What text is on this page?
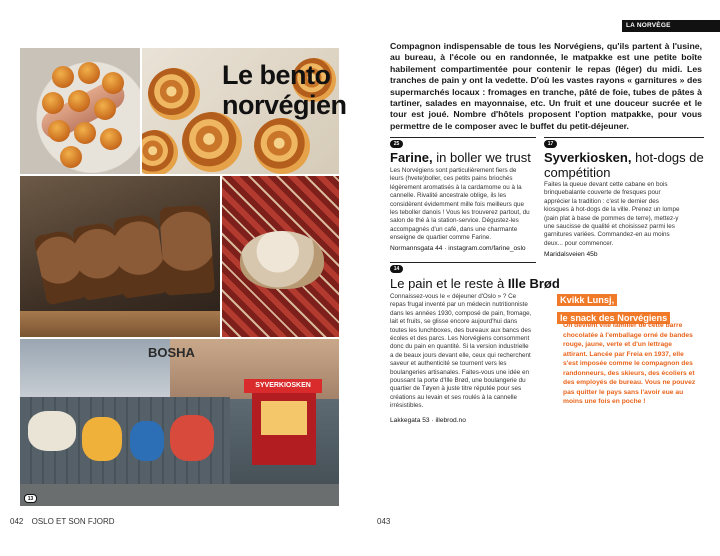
Le bento
norvégien
BOSHA
SYVERKIOSKEN
13
042 OSLO ET SON FJORD
LA NORVÈGE GOURMANDE
Compagnon indispensable de tous les Norvégiens, qu'ils partent à l'usine, au bureau, à l'école ou en randonnée, le matpakke est une petite boîte habilement compartimentée pour contenir le repas (léger) du midi. Les tranches de pain y ont la vedette. D'où les vastes rayons « garnitures » des supermarchés locaux : fromages en tranche, pâté de foie, tubes de pâtes à tartiner, salades en mayonnaise, etc. Un fruit et une douceur sucrée et le tour est joué. Nombre d'hôtels proposent l'option matpakke, pour vous permettre de le composer avec le buffet du petit-déjeuner.
25
Farine, in boller we trust
Les Norvégiens sont particulièrement fiers de leurs (hvete)boller, ces petits pains briochés légèrement aromatisés à la cardamome ou à la cannelle. Rivalité ancestrale oblige, ils les considèrent évidemment mille fois meilleurs que les teboller danois ! Vous les trouverez partout, du salon de thé à la station-service. Dégustez-les accompagnés d'un café, dans une charmante enseigne de quartier comme Farine.
Normannsgata 44 · instagram.com/farine_oslo
17
Syverkiosken, hot-dogs de compétition
Faites la queue devant cette cabane en bois brinquebalante couverte de fresques pour apprécier la tradition : c'est le dernier des kiosques à hot-dogs de la ville. Prenez un lompe (pain plat à base de pommes de terre), mettez-y une saucisse de qualité et choisissez parmi les garnitures variées. Commandez-en au moins deux... pour commencer.
Maridalsveien 45b
14
Le pain et le reste à Ille Brød
Connaissez-vous le « déjeuner d'Oslo » ? Ce repas frugal inventé par un médecin nutritionniste dans les années 1930, composé de pain, fromage, lait et fruits, se glisse encore aujourd'hui dans toutes les lunchboxes, des bureaux aux bancs des écoles et des parcs. Les Norvégiens consomment donc du pain en quantité. Si la version industrielle a de beaux jours devant elle, ceux qui recherchent saveur et authenticité se tournent vers les boulangeries artisanales. Faites-vous une idée en poussant la porte d'Ille Brød, une boulangerie du quartier de Tøyen à juste titre réputée pour ses créations au levain et ses roulés à la cannelle irrésistibles.
Lakkegata 53 · illebrod.no
Kvikk Lunsj,
le snack des Norvégiens
On devient vite familier de cette barre chocolatée à l'emballage orné de bandes rouge, jaune, verte et d'un lettrage attirant. Lancée par Freia en 1937, elle s'est imposée comme le compagnon des randonneurs, des skieurs, des écoliers et des employés de bureau. Vous ne pouvez pas quitter le pays sans l'avoir eue au moins une fois en poche !
043
